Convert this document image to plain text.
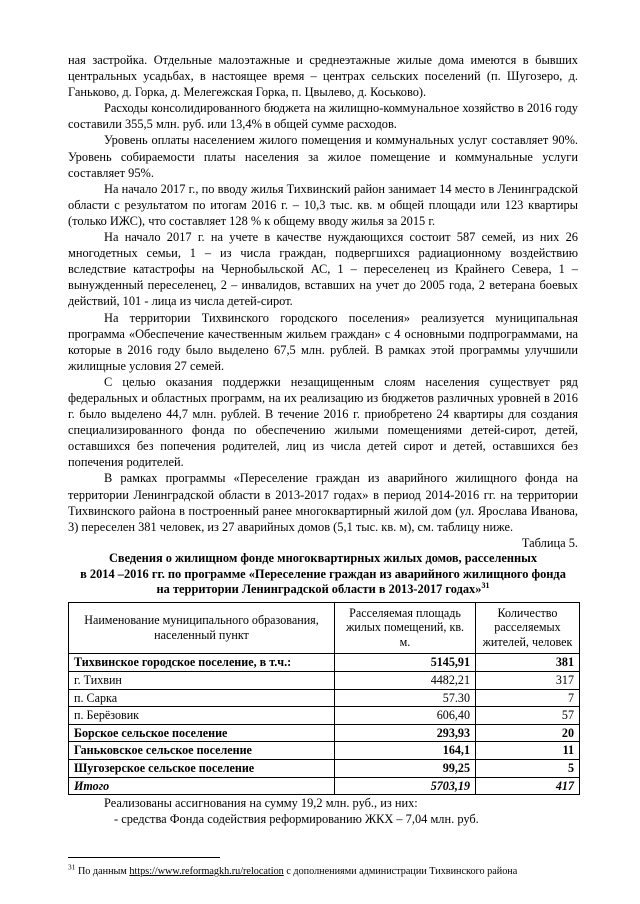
ная застройка. Отдельные малоэтажные и среднеэтажные жилые дома имеются в бывших центральных усадьбах, в настоящее время – центрах сельских поселений (п. Шугозеро, д. Ганьково, д. Горка, д. Мелегежская Горка, п. Цвылево, д. Коськово).

Расходы консолидированного бюджета на жилищно-коммунальное хозяйство в 2016 году составили 355,5 млн. руб. или 13,4% в общей сумме расходов.

Уровень оплаты населением жилого помещения и коммунальных услуг составляет 90%. Уровень собираемости платы населения за жилое помещение и коммунальные услуги составляет 95%.

На начало 2017 г., по вводу жилья Тихвинский район занимает 14 место в Ленинградской области с результатом по итогам 2016 г. – 10,3 тыс. кв. м общей площади или 123 квартиры (только ИЖС), что составляет 128 % к общему вводу жилья за 2015 г.

На начало 2017 г. на учете в качестве нуждающихся состоит 587 семей, из них 26 многодетных семьи, 1 – из числа граждан, подвергшихся радиационному воздействию вследствие катастрофы на Чернобыльской АС, 1 – переселенец из Крайнего Севера, 1 – вынужденный переселенец, 2 – инвалидов, вставших на учет до 2005 года, 2 ветерана боевых действий, 101 - лица из числа детей-сирот.

На территории Тихвинского городского поселения» реализуется муниципальная программа «Обеспечение качественным жильем граждан» с 4 основными подпрограммами, на которые в 2016 году было выделено 67,5 млн. рублей. В рамках этой программы улучшили жилищные условия 27 семей.

С целью оказания поддержки незащищенным слоям населения существует ряд федеральных и областных программ, на их реализацию из бюджетов различных уровней в 2016 г. было выделено 44,7 млн. рублей. В течение 2016 г. приобретено 24 квартиры для создания специализированного фонда по обеспечению жилыми помещениями детей-сирот, детей, оставшихся без попечения родителей, лиц из числа детей сирот и детей, оставшихся без попечения родителей.

В рамках программы «Переселение граждан из аварийного жилищного фонда на территории Ленинградской области в 2013-2017 годах» в период 2014-2016 гг. на территории Тихвинского района в построенный ранее многоквартирный жилой дом (ул. Ярослава Иванова, 3) переселен 381 человек, из 27 аварийных домов (5,1 тыс. кв. м), см. таблицу ниже.

Таблица 5.

Сведения о жилищном фонде многоквартирных жилых домов, расселенных

в 2014 –2016 гг. по программе «Переселение граждан из аварийного жилищного фонда

на территории Ленинградской области в 2013-2017 годах»$^{31}$

Наименование муниципального образования, населенный пункт	Расселяемая площадь жилых помещений, кв. м.	Количество расселяемых жителей, человек
Тихвинское городское поселение, в т.ч.:	5145,91	381
г. Тихвин	4482,21	317
п. Сарка	57.30	7
п. Берёзовик	606,40	57
Борское сельское поселение	293,93	20
Ганьковское сельское поселение	164,1	11
Шугозерское сельское поселение	99,25	5
Итого	5703,19	417

Реализованы ассигнования на сумму 19,2 млн. руб., из них:

- средства Фонда содействия реформированию ЖКХ – 7,04 млн. руб.

$^{31}$ По данным https://www.reformagkh.ru/relocation с дополнениями администрации Тихвинского района
